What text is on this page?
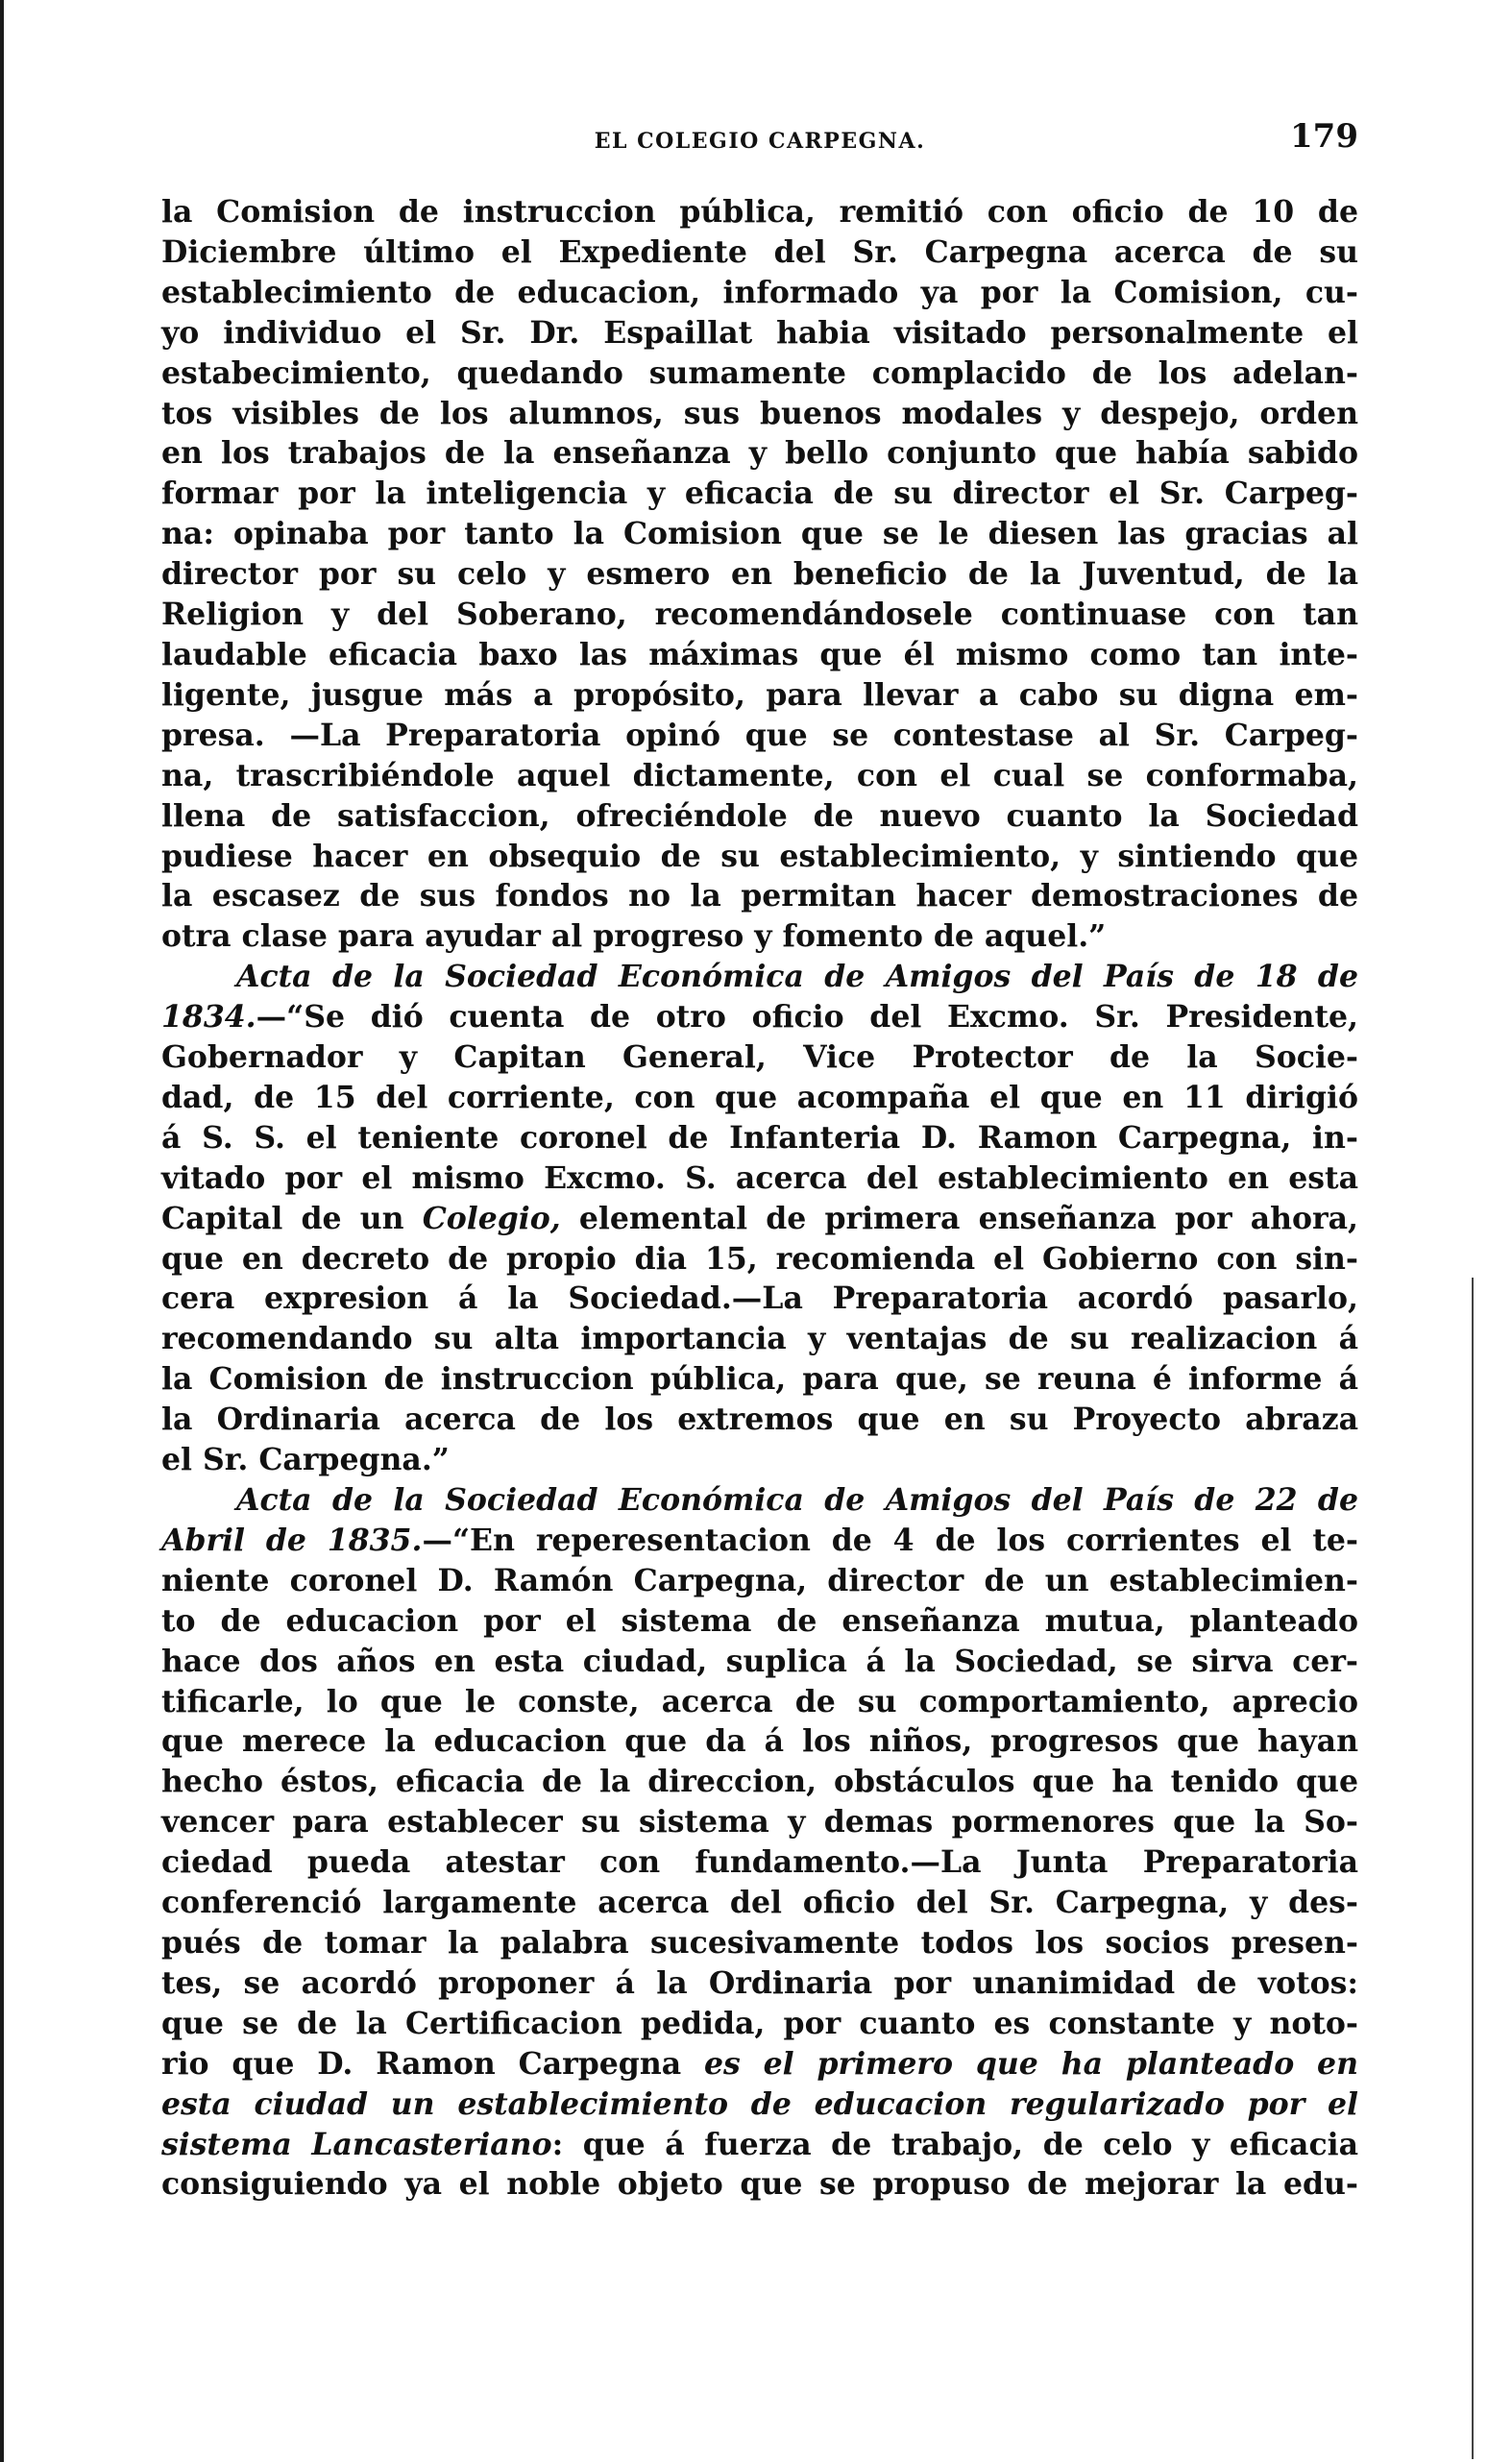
EL COLEGIO CARPEGNA.	179
la Comision de instruccion pública, remitió con oficio de 10 de
Diciembre último el Expediente del Sr. Carpegna acerca de su
establecimiento de educacion, informado ya por la Comision, cu-
yo individuo el Sr. Dr. Espaillat habia visitado personalmente el
estabecimiento, quedando sumamente complacido de los adelan-
tos visibles de los alumnos, sus buenos modales y despejo, orden
en los trabajos de la enseñanza y bello conjunto que había sabido
formar por la inteligencia y eficacia de su director el Sr. Carpeg-
na: opinaba por tanto la Comision que se le diesen las gracias al
director por su celo y esmero en beneficio de la Juventud, de la
Religion y del Soberano, recomendándosele continuase con tan
laudable eficacia baxo las máximas que él mismo como tan inte-
ligente, jusgue más a propósito, para llevar a cabo su digna em-
presa. —La Preparatoria opinó que se contestase al Sr. Carpeg-
na, trascribiéndole aquel dictamente, con el cual se conformaba,
llena de satisfaccion, ofreciéndole de nuevo cuanto la Sociedad
pudiese hacer en obsequio de su establecimiento, y sintiendo que
la escasez de sus fondos no la permitan hacer demostraciones de
otra clase para ayudar al progreso y fomento de aquel.”
Acta de la Sociedad Económica de Amigos del País de 18 de
1834.—“Se dió cuenta de otro oficio del Excmo. Sr. Presidente,
Gobernador y Capitan General, Vice Protector de la Socie-
dad, de 15 del corriente, con que acompaña el que en 11 dirigió
á S. S. el teniente coronel de Infanteria D. Ramon Carpegna, in-
vitado por el mismo Excmo. S. acerca del establecimiento en esta
Capital de un Colegio, elemental de primera enseñanza por ahora,
que en decreto de propio dia 15, recomienda el Gobierno con sin-
cera expresion á la Sociedad.—La Preparatoria acordó pasarlo,
recomendando su alta importancia y ventajas de su realizacion á
la Comision de instruccion pública, para que, se reuna é informe á
la Ordinaria acerca de los extremos que en su Proyecto abraza
el Sr. Carpegna.”
Acta de la Sociedad Económica de Amigos del País de 22 de
Abril de 1835.—“En reperesentacion de 4 de los corrientes el te-
niente coronel D. Ramón Carpegna, director de un establecimien-
to de educacion por el sistema de enseñanza mutua, planteado
hace dos años en esta ciudad, suplica á la Sociedad, se sirva cer-
tificarle, lo que le conste, acerca de su comportamiento, aprecio
que merece la educacion que da á los niños, progresos que hayan
hecho éstos, eficacia de la direccion, obstáculos que ha tenido que
vencer para establecer su sistema y demas pormenores que la So-
ciedad pueda atestar con fundamento.—La Junta Preparatoria
conferenció largamente acerca del oficio del Sr. Carpegna, y des-
pués de tomar la palabra sucesivamente todos los socios presen-
tes, se acordó proponer á la Ordinaria por unanimidad de votos:
que se de la Certificacion pedida, por cuanto es constante y noto-
rio que D. Ramon Carpegna es el primero que ha planteado en
esta ciudad un establecimiento de educacion regularizado por el
sistema Lancasteriano: que á fuerza de trabajo, de celo y eficacia
consiguiendo ya el noble objeto que se propuso de mejorar la edu-
